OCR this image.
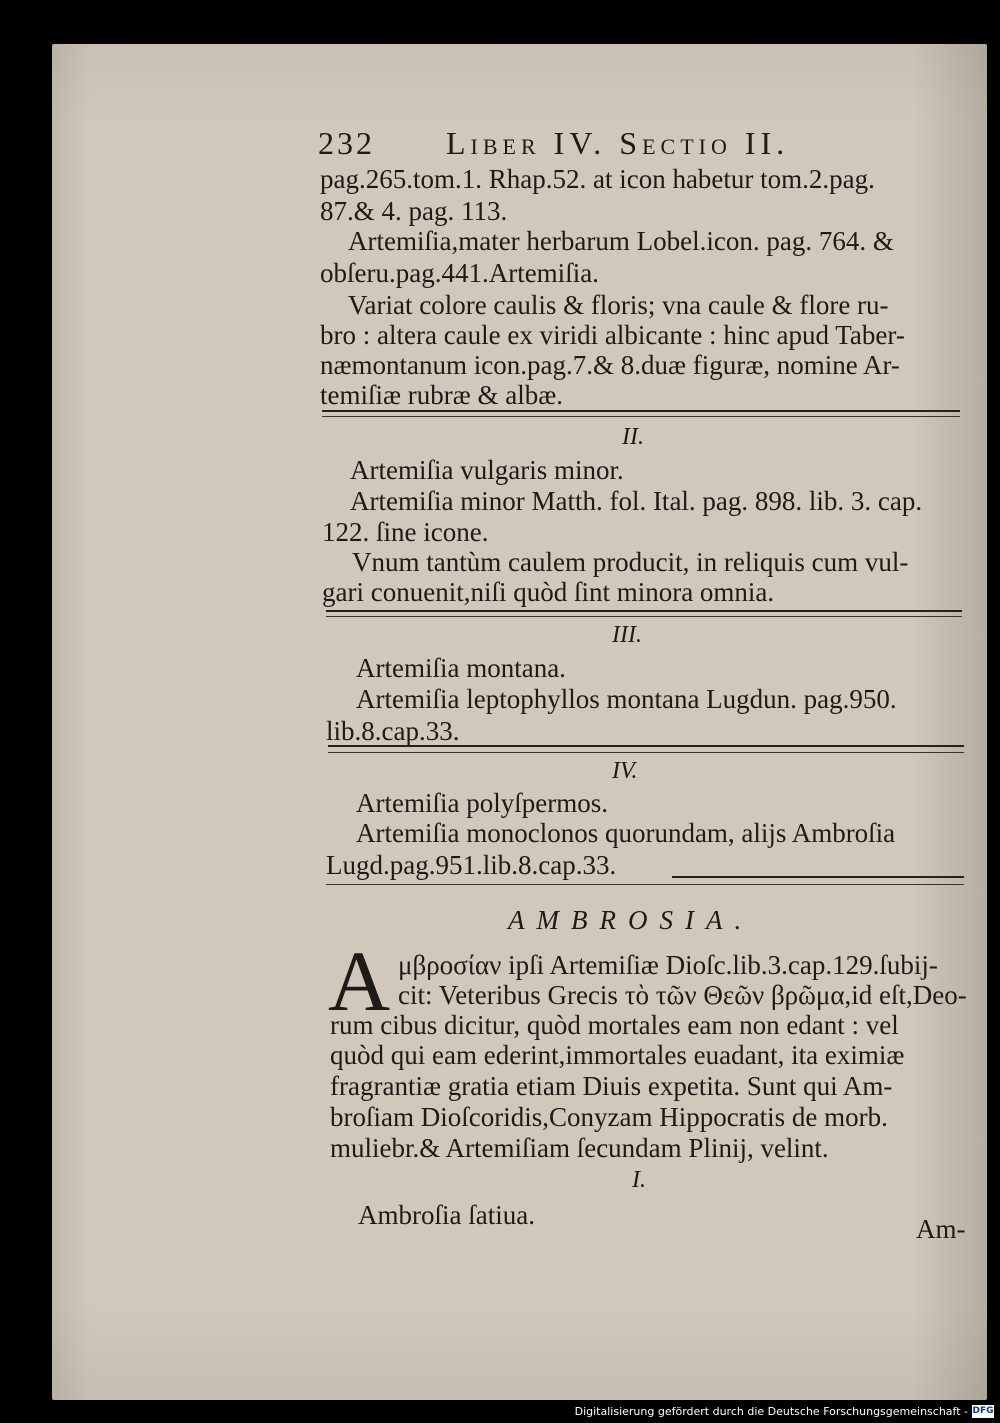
232 Liber IV. Sectio II.
pag.265.tom.1. Rhap.52. at icon habetur tom.2.pag.
87.& 4. pag. 113.
Artemiſia,mater herbarum Lobel.icon. pag. 764. &
obſeru.pag.441.Artemiſia.
Variat colore caulis & floris; vna caule & flore ru-
bro : altera caule ex viridi albicante : hinc apud Taber-
næmontanum icon.pag.7.& 8.duæ figuræ, nomine Ar-
temiſiæ rubræ & albæ.
II.
Artemiſia vulgaris minor.
Artemiſia minor Matth. fol. Ital. pag. 898. lib. 3. cap.
122. ſine icone.
Vnum tantùm caulem producit, in reliquis cum vul-
gari conuenit,niſi quòd ſint minora omnia.
III.
Artemiſia montana.
Artemiſia leptophyllos montana Lugdun. pag.950.
lib.8.cap.33.
IV.
Artemiſia polyſpermos.
Artemiſia monoclonos quorundam, alijs Ambroſia
Lugd.pag.951.lib.8.cap.33.
AMBROSIA.
A μβροσίαν ipſi Artemiſiæ Dioſc.lib.3.cap.129.ſubij-
cit: Veteribus Grecis τὸ τῶν Θεῶν βρῶμα,id eſt,Deo-
rum cibus dicitur, quòd mortales eam non edant : vel
quòd qui eam ederint,immortales euadant, ita eximiæ
fragrantiæ gratia etiam Diuis expetita. Sunt qui Am-
broſiam Dioſcoridis,Conyzam Hippocratis de morb.
muliebr.& Artemiſiam ſecundam Plinij, velint.
I.
Ambroſia ſatiua.	Am-
Digitalisierung gefördert durch die Deutsche Forschungsgemeinschaft - DFG
